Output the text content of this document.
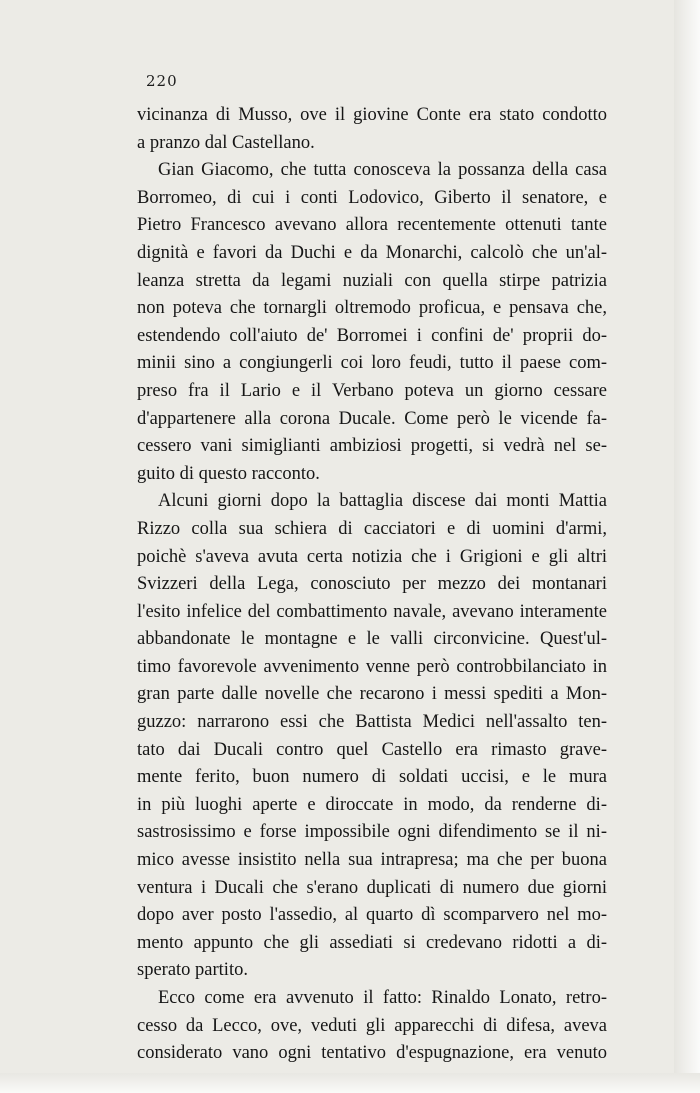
220
vicinanza di Musso, ove il giovine Conte era stato condotto
a pranzo dal Castellano.
Gian Giacomo, che tutta conosceva la possanza della casa
Borromeo, di cui i conti Lodovico, Giberto il senatore, e
Pietro Francesco avevano allora recentemente ottenuti tante
dignità e favori da Duchi e da Monarchi, calcolò che un'al-
leanza stretta da legami nuziali con quella stirpe patrizia
non poteva che tornargli oltremodo proficua, e pensava che,
estendendo coll'aiuto de' Borromei i confini de' proprii do-
minii sino a congiungerli coi loro feudi, tutto il paese com-
preso fra il Lario e il Verbano poteva un giorno cessare
d'appartenere alla corona Ducale. Come però le vicende fa-
cessero vani simiglianti ambiziosi progetti, si vedrà nel se-
guito di questo racconto.
Alcuni giorni dopo la battaglia discese dai monti Mattia
Rizzo colla sua schiera di cacciatori e di uomini d'armi,
poichè s'aveva avuta certa notizia che i Grigioni e gli altri
Svizzeri della Lega, conosciuto per mezzo dei montanari
l'esito infelice del combattimento navale, avevano interamente
abbandonate le montagne e le valli circonvicine. Quest'ul-
timo favorevole avvenimento venne però controbbilanciato in
gran parte dalle novelle che recarono i messi spediti a Mon-
guzzo: narrarono essi che Battista Medici nell'assalto ten-
tato dai Ducali contro quel Castello era rimasto grave-
mente ferito, buon numero di soldati uccisi, e le mura
in più luoghi aperte e diroccate in modo, da renderne di-
sastrosissimo e forse impossibile ogni difendimento se il ni-
mico avesse insistito nella sua intrapresa; ma che per buona
ventura i Ducali che s'erano duplicati di numero due giorni
dopo aver posto l'assedio, al quarto dì scomparvero nel mo-
mento appunto che gli assediati si credevano ridotti a di-
sperato partito.
Ecco come era avvenuto il fatto: Rinaldo Lonato, retro-
cesso da Lecco, ove, veduti gli apparecchi di difesa, aveva
considerato vano ogni tentativo d'espugnazione, era venuto
